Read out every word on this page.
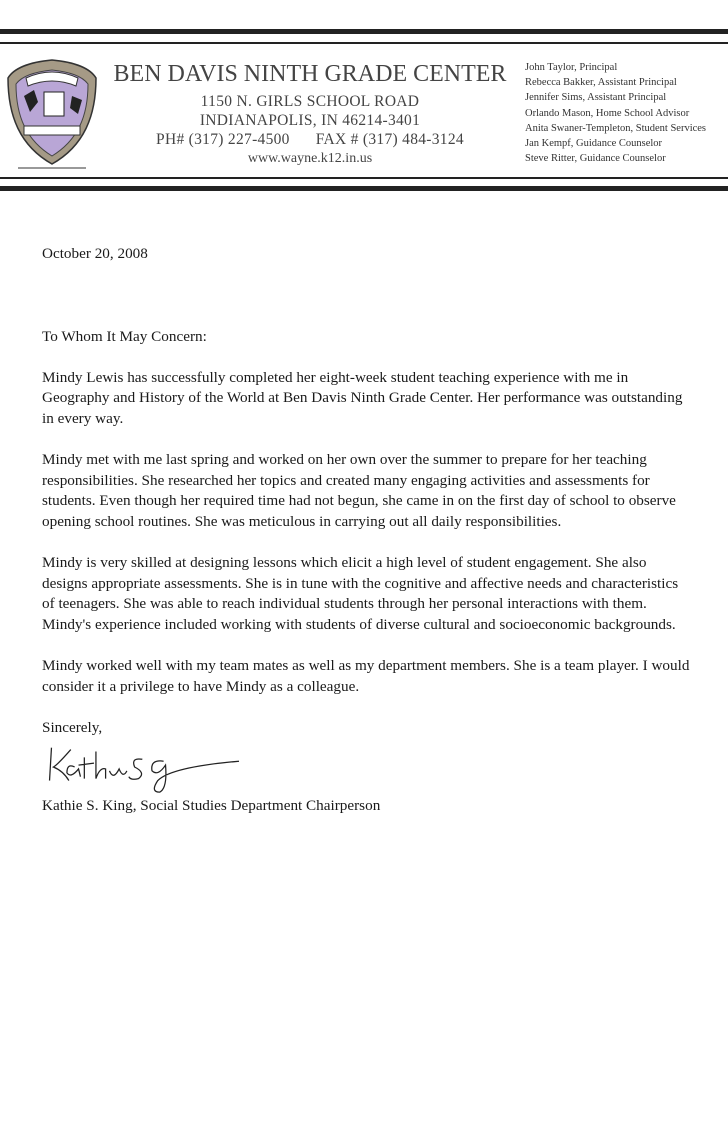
BEN DAVIS NINTH GRADE CENTER
1150 N. GIRLS SCHOOL ROAD
INDIANAPOLIS, IN 46214-3401
PH# (317) 227-4500 FAX # (317) 484-3124
www.wayne.k12.in.us
John Taylor, Principal
Rebecca Bakker, Assistant Principal
Jennifer Sims, Assistant Principal
Orlando Mason, Home School Advisor
Anita Swaner-Templeton, Student Services
Jan Kempf, Guidance Counselor
Steve Ritter, Guidance Counselor

October 20, 2008

To Whom It May Concern:

Mindy Lewis has successfully completed her eight-week student teaching experience with me in Geography and History of the World at Ben Davis Ninth Grade Center. Her performance was outstanding in every way.

Mindy met with me last spring and worked on her own over the summer to prepare for her teaching responsibilities. She researched her topics and created many engaging activities and assessments for students. Even though her required time had not begun, she came in on the first day of school to observe opening school routines. She was meticulous in carrying out all daily responsibilities.

Mindy is very skilled at designing lessons which elicit a high level of student engagement. She also designs appropriate assessments. She is in tune with the cognitive and affective needs and characteristics of teenagers. She was able to reach individual students through her personal interactions with them. Mindy's experience included working with students of diverse cultural and socioeconomic backgrounds.

Mindy worked well with my team mates as well as my department members. She is a team player. I would consider it a privilege to have Mindy as a colleague.

Sincerely,
Kathie S. King, Social Studies Department Chairperson
